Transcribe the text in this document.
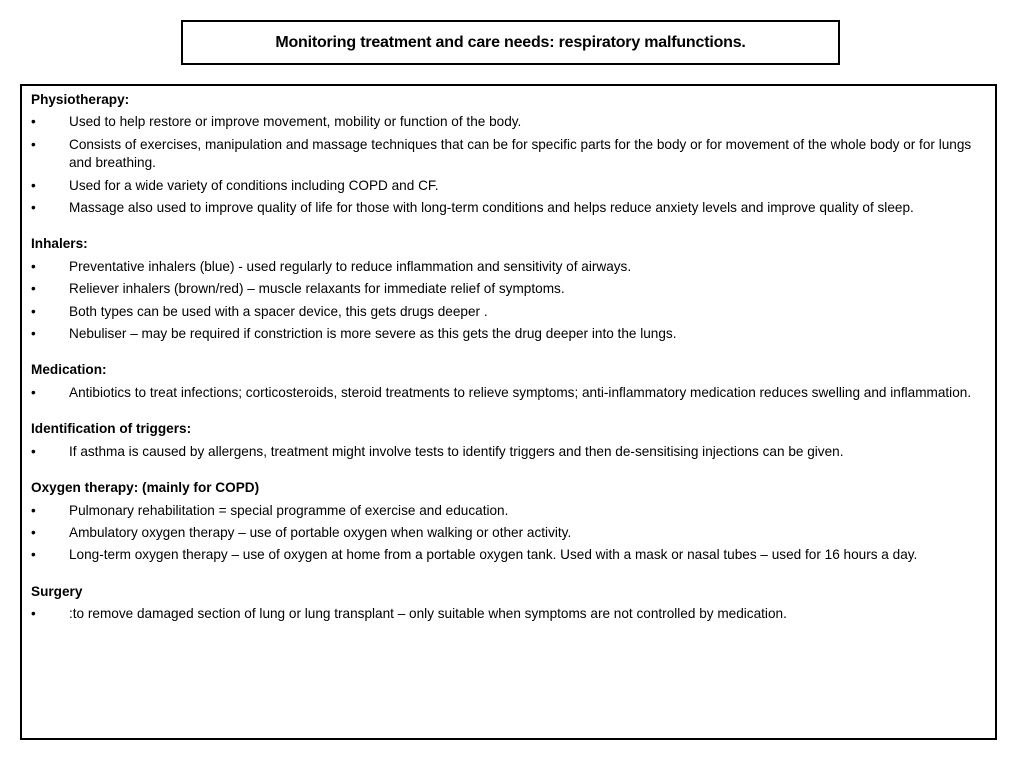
Monitoring treatment and care needs: respiratory malfunctions.
Physiotherapy:
•	Used to help restore or improve movement, mobility or function of the body.
•	Consists of exercises, manipulation and massage techniques that can be for specific parts for the body or for movement of the whole body or for lungs and breathing.
•	Used for a wide variety of conditions including COPD and CF.
•	Massage also used to improve quality of life for those with long-term conditions and helps reduce anxiety levels and improve quality of sleep.
Inhalers:
•	Preventative inhalers (blue) - used regularly to reduce inflammation and sensitivity of airways.
•	Reliever inhalers (brown/red) – muscle relaxants for immediate relief of symptoms.
•	Both types can be used with a spacer device, this gets drugs deeper .
•	Nebuliser – may be required if constriction is more severe as this gets the drug deeper into the lungs.
Medication:
•	Antibiotics to treat infections; corticosteroids, steroid treatments to relieve symptoms; anti-inflammatory medication reduces swelling and inflammation.
Identification of triggers:
•	If asthma is caused by allergens, treatment might involve tests to identify triggers and then de-sensitising injections can be given.
Oxygen therapy: (mainly for COPD)
•	Pulmonary rehabilitation = special programme of exercise and education.
•	Ambulatory oxygen therapy – use of portable oxygen when walking or other activity.
•	Long-term oxygen therapy – use of oxygen at home from a portable oxygen tank. Used with a mask or nasal tubes – used for 16 hours a day.
Surgery
•	:to remove damaged section of lung or lung transplant – only suitable when symptoms are not controlled by medication.
